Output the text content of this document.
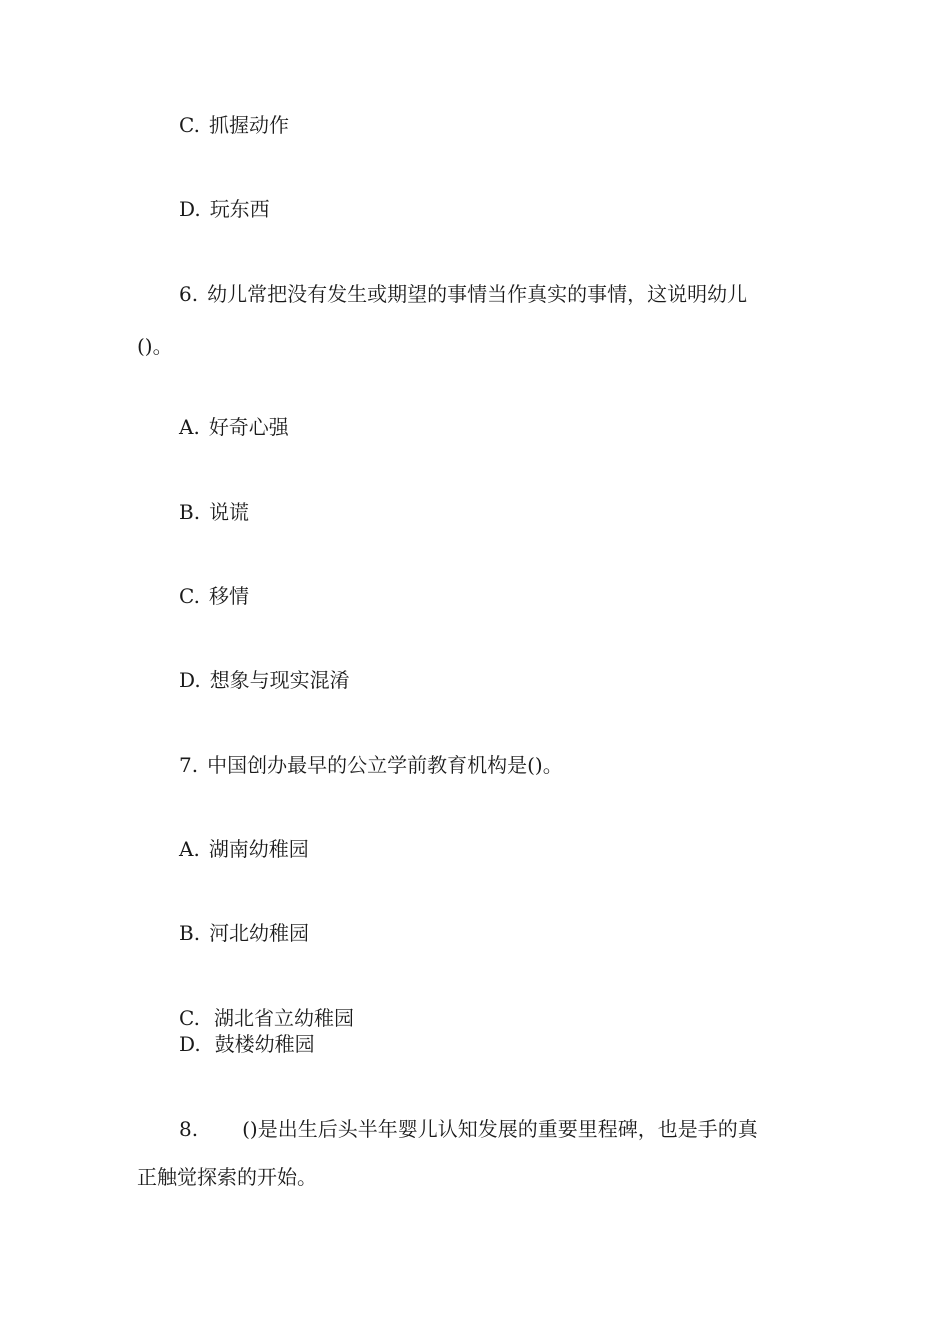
C. 抓握动作
D. 玩东西
6. 幼儿常把没有发生或期望的事情当作真实的事情，这说明幼儿
()。
A. 好奇心强
B. 说谎
C. 移情
D. 想象与现实混淆
7. 中国创办最早的公立学前教育机构是()。
A. 湖南幼稚园
B. 河北幼稚园
C. 湖北省立幼稚园
D. 鼓楼幼稚园
8. ()是出生后头半年婴儿认知发展的重要里程碑，也是手的真
正触觉探索的开始。
